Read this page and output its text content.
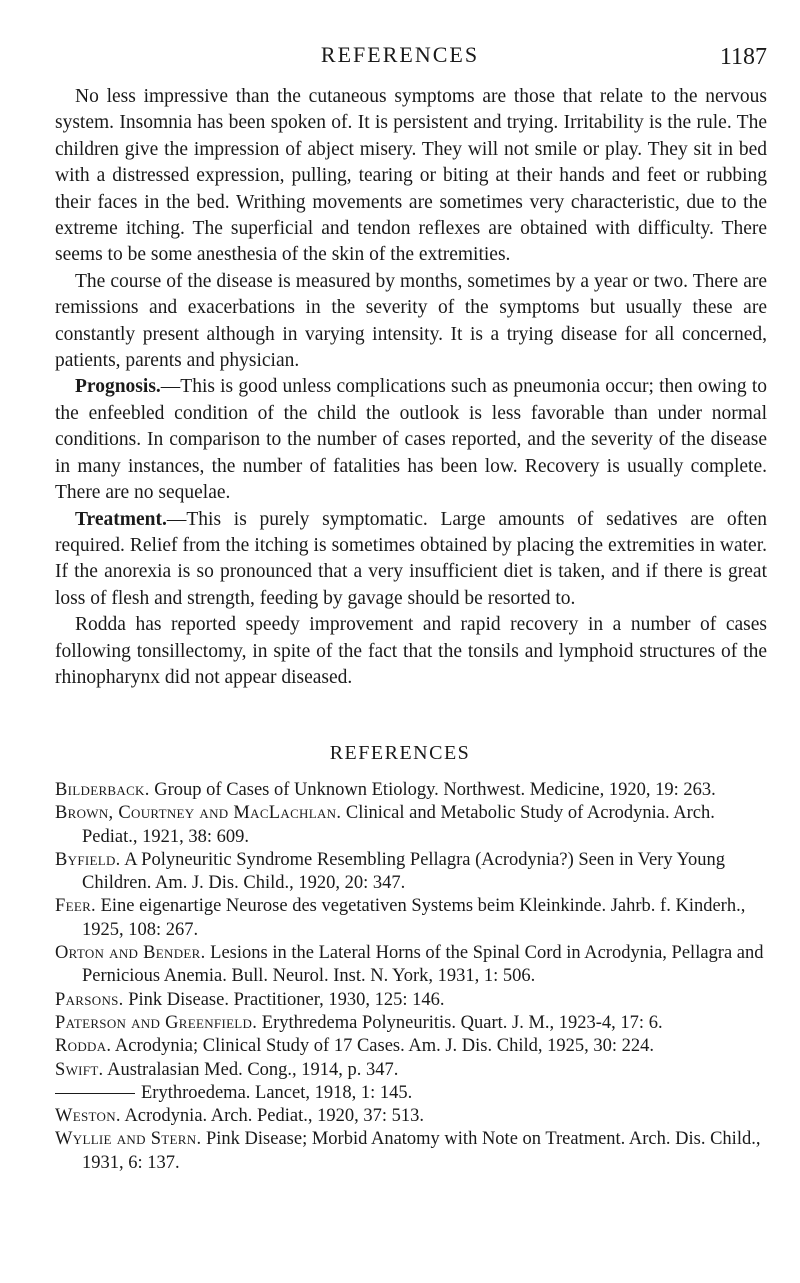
REFERENCES	1187

No less impressive than the cutaneous symptoms are those that relate to the nervous system. Insomnia has been spoken of. It is persistent and trying. Irritability is the rule. The children give the impression of abject misery. They will not smile or play. They sit in bed with a distressed expression, pulling, tearing or biting at their hands and feet or rubbing their faces in the bed. Writhing movements are sometimes very characteristic, due to the extreme itching. The superficial and tendon reflexes are obtained with difficulty. There seems to be some anesthesia of the skin of the extremities.

The course of the disease is measured by months, sometimes by a year or two. There are remissions and exacerbations in the severity of the symptoms but usually these are constantly present although in varying intensity. It is a trying disease for all concerned, patients, parents and physician.

Prognosis.—This is good unless complications such as pneumonia occur; then owing to the enfeebled condition of the child the outlook is less favorable than under normal conditions. In comparison to the number of cases reported, and the severity of the disease in many instances, the number of fatalities has been low. Recovery is usually complete. There are no sequelae.

Treatment.—This is purely symptomatic. Large amounts of sedatives are often required. Relief from the itching is sometimes obtained by placing the extremities in water. If the anorexia is so pronounced that a very insufficient diet is taken, and if there is great loss of flesh and strength, feeding by gavage should be resorted to.

Rodda has reported speedy improvement and rapid recovery in a number of cases following tonsillectomy, in spite of the fact that the tonsils and lymphoid structures of the rhinopharynx did not appear diseased.

REFERENCES
Bilderback. Group of Cases of Unknown Etiology. Northwest. Medicine, 1920, 19: 263.
Brown, Courtney and MacLachlan. Clinical and Metabolic Study of Acrodynia. Arch. Pediat., 1921, 38: 609.
Byfield. A Polyneuritic Syndrome Resembling Pellagra (Acrodynia?) Seen in Very Young Children. Am. J. Dis. Child., 1920, 20: 347.
Feer. Eine eigenartige Neurose des vegetativen Systems beim Kleinkinde. Jahrb. f. Kinderh., 1925, 108: 267.
Orton and Bender. Lesions in the Lateral Horns of the Spinal Cord in Acrodynia, Pellagra and Pernicious Anemia. Bull. Neurol. Inst. N. York, 1931, 1: 506.
Parsons. Pink Disease. Practitioner, 1930, 125: 146.
Paterson and Greenfield. Erythredema Polyneuritis. Quart. J. M., 1923-4, 17: 6.
Rodda. Acrodynia; Clinical Study of 17 Cases. Am. J. Dis. Child, 1925, 30: 224.
Swift. Australasian Med. Cong., 1914, p. 347.
Erythroedema. Lancet, 1918, 1: 145.
Weston. Acrodynia. Arch. Pediat., 1920, 37: 513.
Wyllie and Stern. Pink Disease; Morbid Anatomy with Note on Treatment. Arch. Dis. Child., 1931, 6: 137.
